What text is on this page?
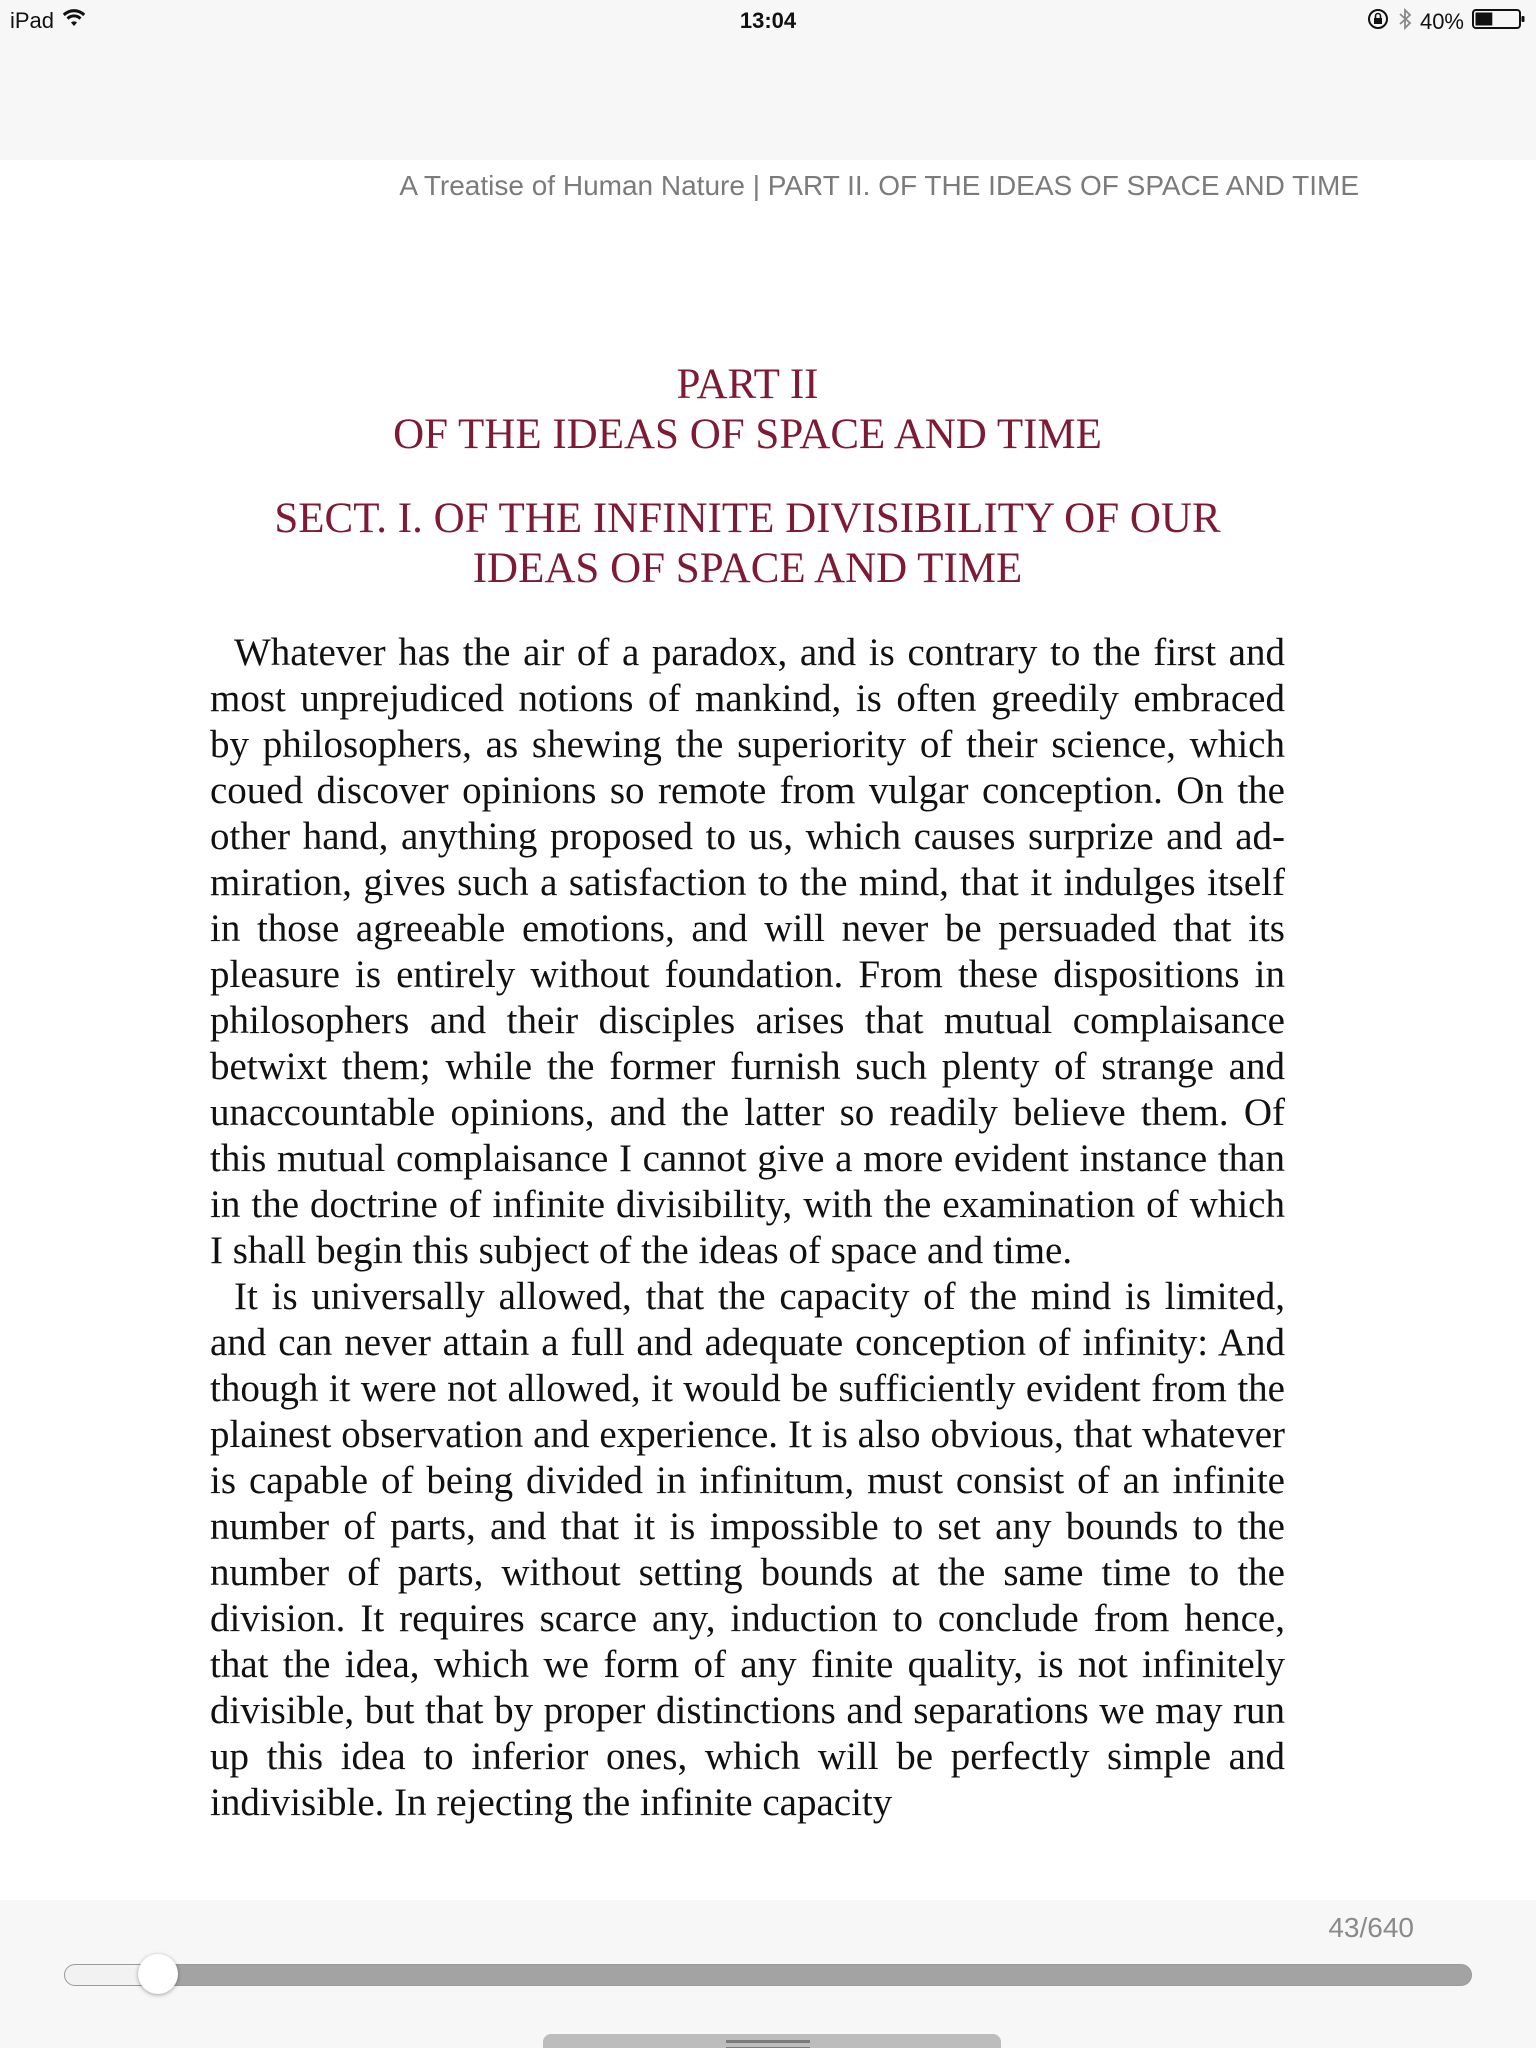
iPad	13:04	40%
A Treatise of Human Nature | PART II. OF THE IDEAS OF SPACE AND TIME
PART II
OF THE IDEAS OF SPACE AND TIME
SECT. I. OF THE INFINITE DIVISIBILITY OF OUR
IDEAS OF SPACE AND TIME

Whatever has the air of a paradox, and is contrary to the first and most unprejudiced notions of mankind, is often greedily embraced by philosophers, as shewing the superiority of their science, which coued discover opinions so remote from vulgar conception. On the other hand, anything proposed to us, which causes surprize and admiration, gives such a satisfaction to the mind, that it indulges itself in those agreeable emotions, and will never be persuaded that its pleasure is entirely without foundation. From these dispositions in philosophers and their disciples arises that mutual complaisance betwixt them; while the former furnish such plenty of strange and unaccountable opinions, and the latter so readily believe them. Of this mutual complaisance I cannot give a more evident instance than in the doctrine of infinite divisibility, with the examination of which I shall begin this subject of the ideas of space and time.

It is universally allowed, that the capacity of the mind is limited, and can never attain a full and adequate conception of infinity: And though it were not allowed, it would be sufficiently evident from the plainest observation and experience. It is also obvious, that whatever is capable of being divided in infinitum, must consist of an infinite number of parts, and that it is impossible to set any bounds to the number of parts, without setting bounds at the same time to the division. It requires scarce any, induction to conclude from hence, that the idea, which we form of any finite quality, is not infinitely divisible, but that by proper distinctions and separations we may run up this idea to inferior ones, which will be perfectly simple and indivisible. In rejecting the infinite capacity

43/640
